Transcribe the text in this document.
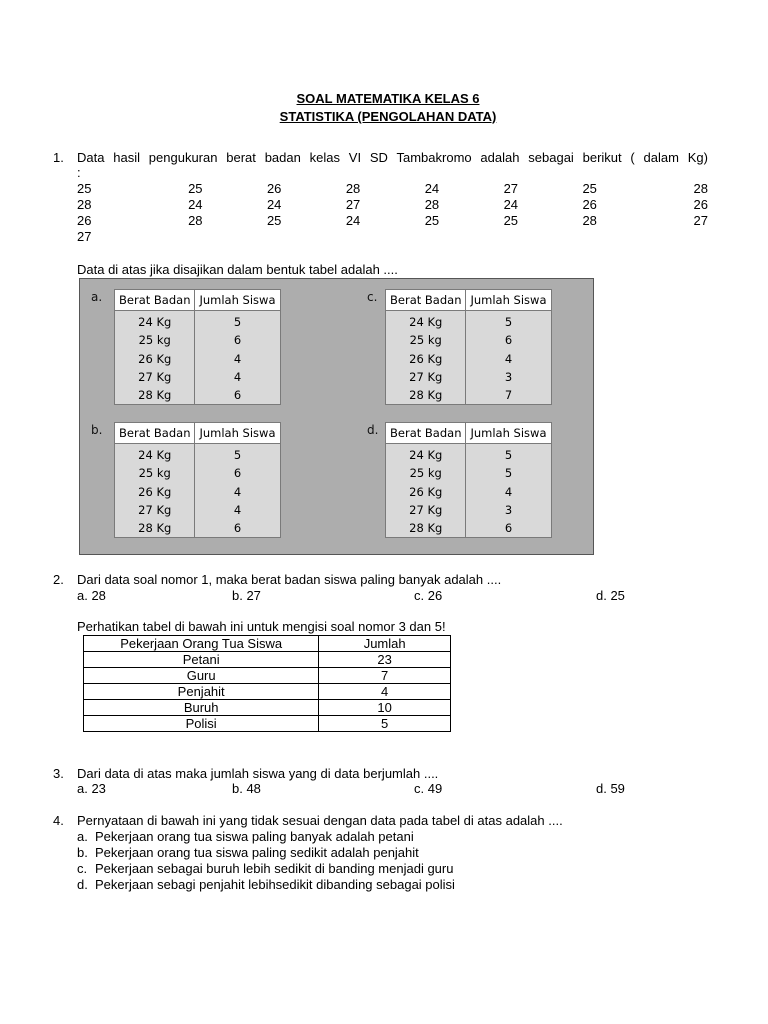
SOAL MATEMATIKA KELAS 6
STATISTIKA (PENGOLAHAN DATA)
1. Data hasil pengukuran berat badan kelas VI SD Tambakromo adalah sebagai berikut ( dalam Kg)
:
25	25	26	28	24	27	25	28
28	24	24	27	28	24	26	26
26	28	25	24	25	25	28	27
27
Data di atas jika disajikan dalam bentuk tabel adalah ....
a. Berat Badan	Jumlah Siswa
24 Kg	5
25 kg	6
26 Kg	4
27 Kg	4
28 Kg	6
c. Berat Badan	Jumlah Siswa
24 Kg	5
25 kg	6
26 Kg	4
27 Kg	3
28 Kg	7
b. Berat Badan	Jumlah Siswa
24 Kg	5
25 kg	6
26 Kg	4
27 Kg	4
28 Kg	6
d. Berat Badan	Jumlah Siswa
24 Kg	5
25 kg	5
26 Kg	4
27 Kg	3
28 Kg	6
2. Dari data soal nomor 1, maka berat badan siswa paling banyak adalah ....
a. 28	b. 27	c. 26	d. 25
Perhatikan tabel di bawah ini untuk mengisi soal nomor 3 dan 5!
Pekerjaan Orang Tua Siswa	Jumlah
Petani	23
Guru	7
Penjahit	4
Buruh	10
Polisi	5
3. Dari data di atas maka jumlah siswa yang di data berjumlah ....
a. 23	b. 48	c. 49	d. 59
4. Pernyataan di bawah ini yang tidak sesuai dengan data pada tabel di atas adalah ....
a. Pekerjaan orang tua siswa paling banyak adalah petani
b. Pekerjaan orang tua siswa paling sedikit adalah penjahit
c. Pekerjaan sebagai buruh lebih sedikit di banding menjadi guru
d. Pekerjaan sebagi penjahit lebihsedikit dibanding sebagai polisi
